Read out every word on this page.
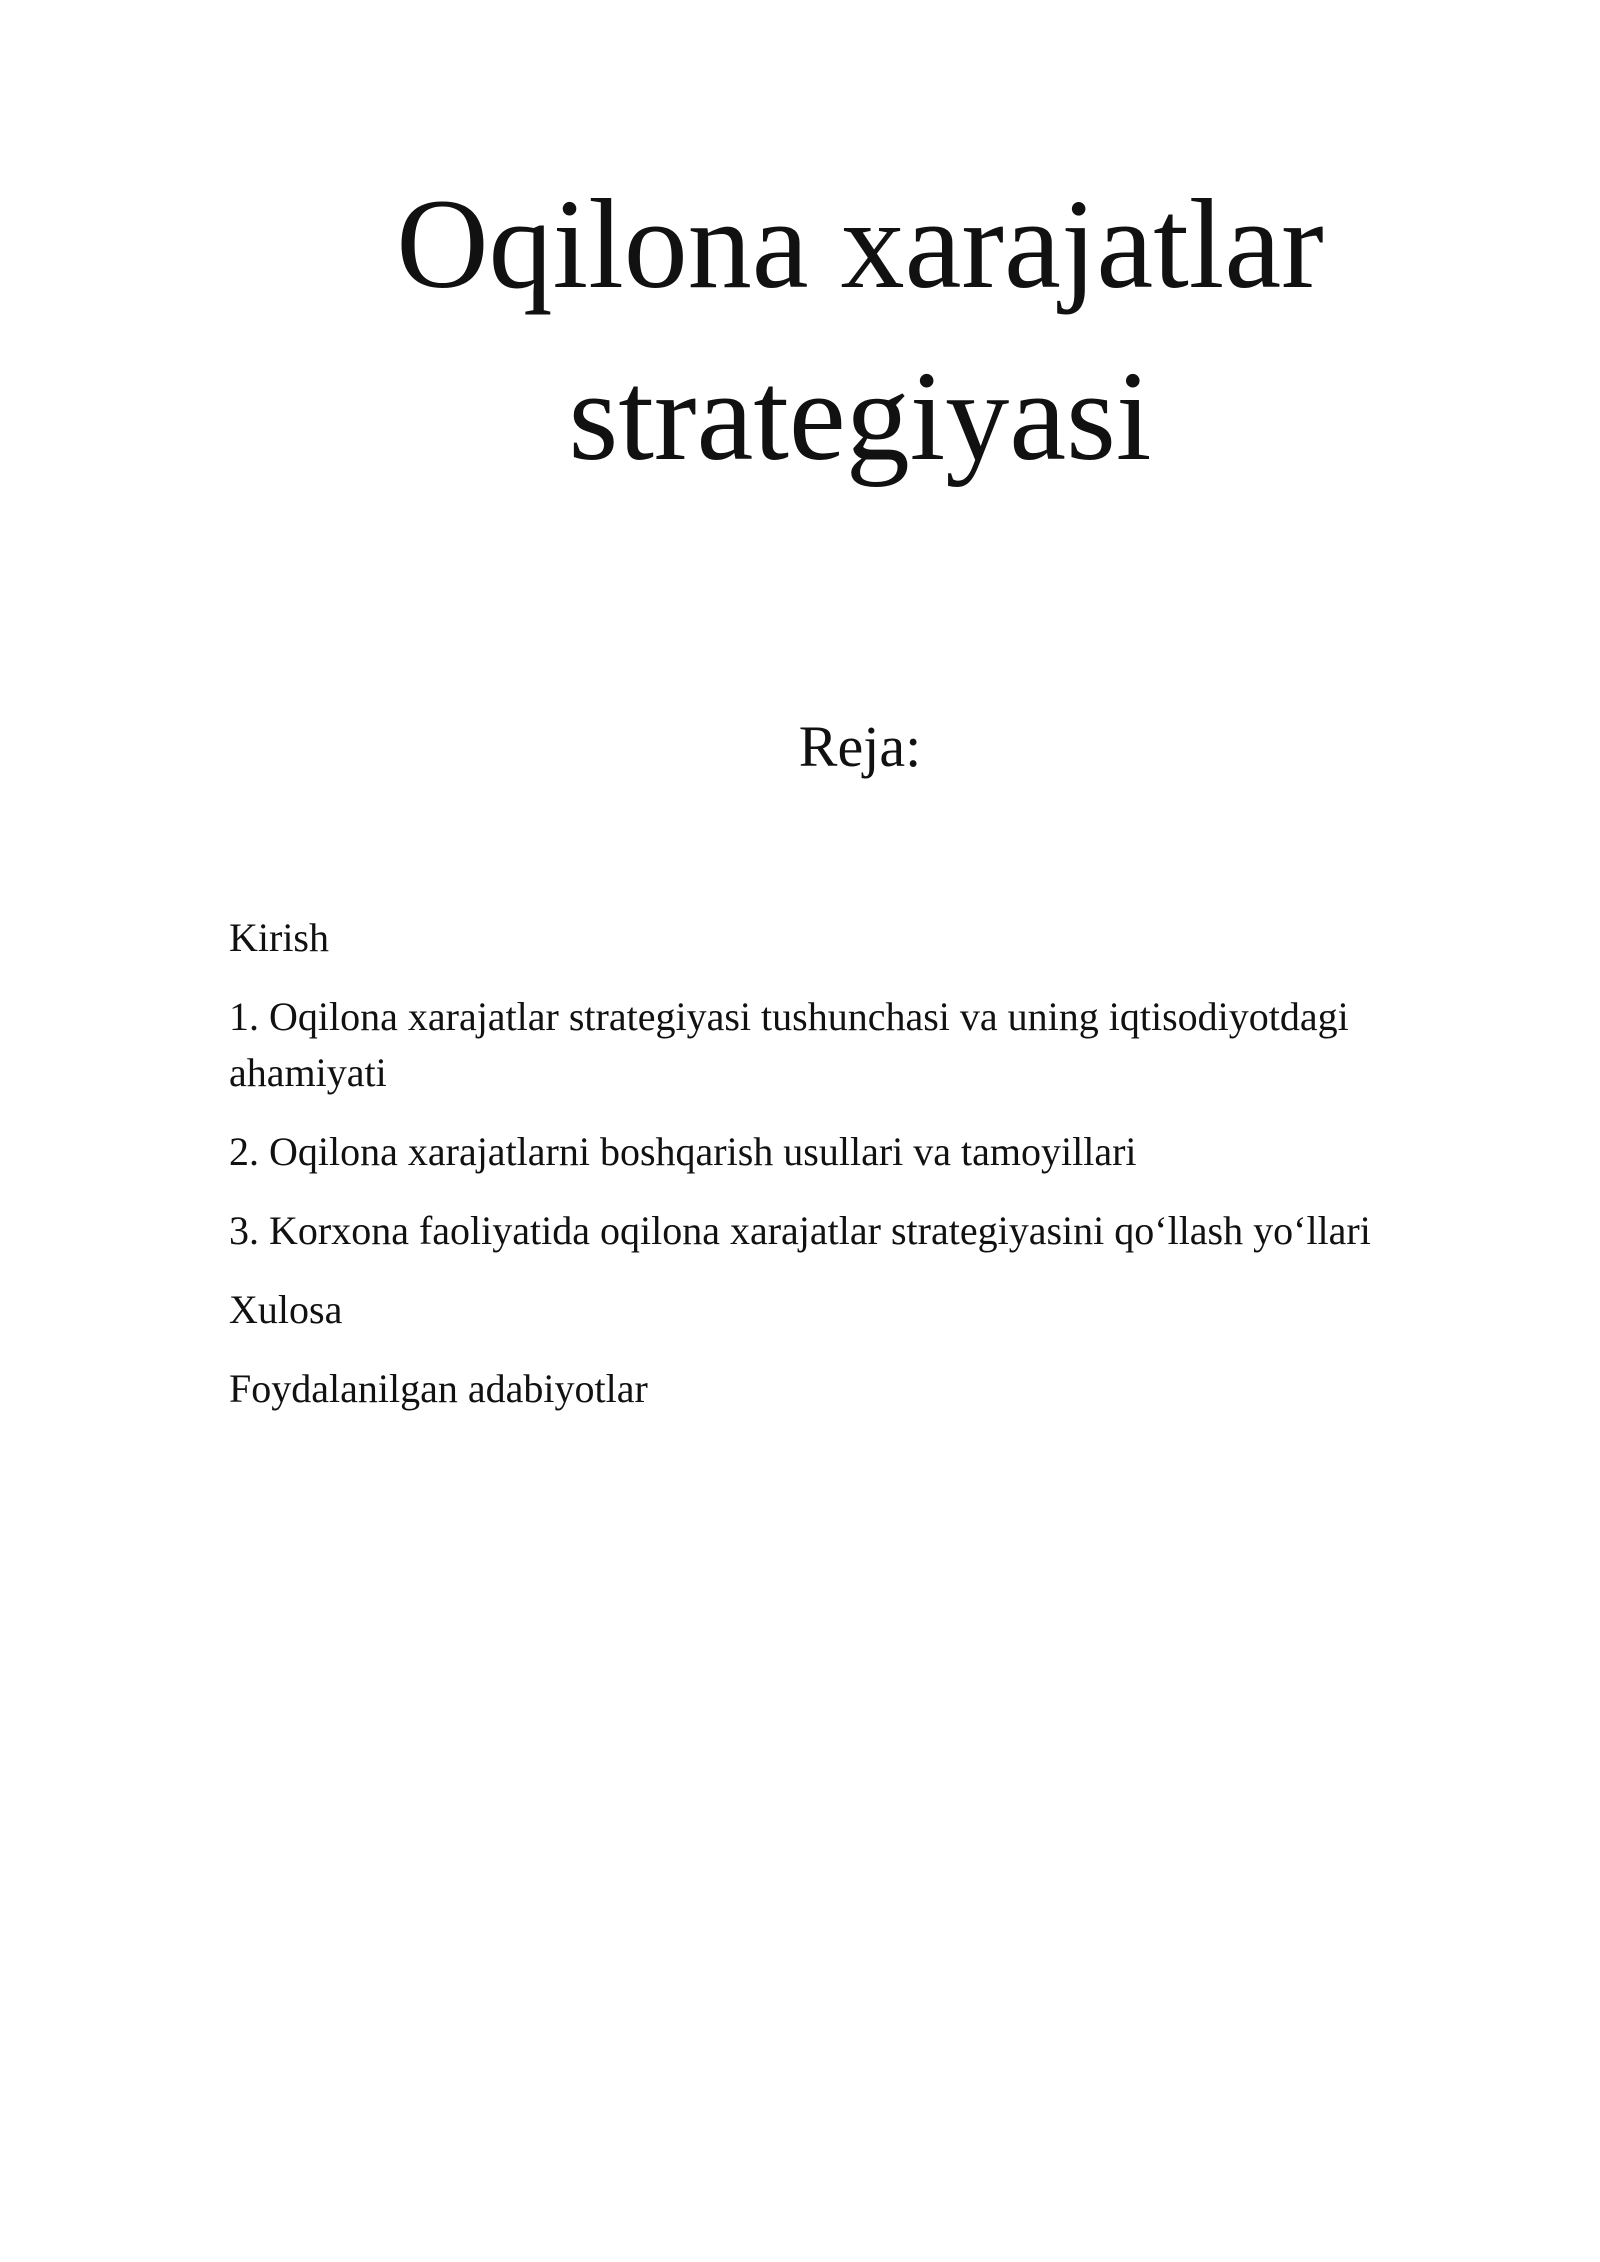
Oqilona xarajatlar
strategiyasi
Reja:
Kirish
1. Oqilona xarajatlar strategiyasi tushunchasi va uning iqtisodiyotdagi ahamiyati
2. Oqilona xarajatlarni boshqarish usullari va tamoyillari
3. Korxona faoliyatida oqilona xarajatlar strategiyasini qo‘llash yo‘llari
Xulosa
Foydalanilgan adabiyotlar
